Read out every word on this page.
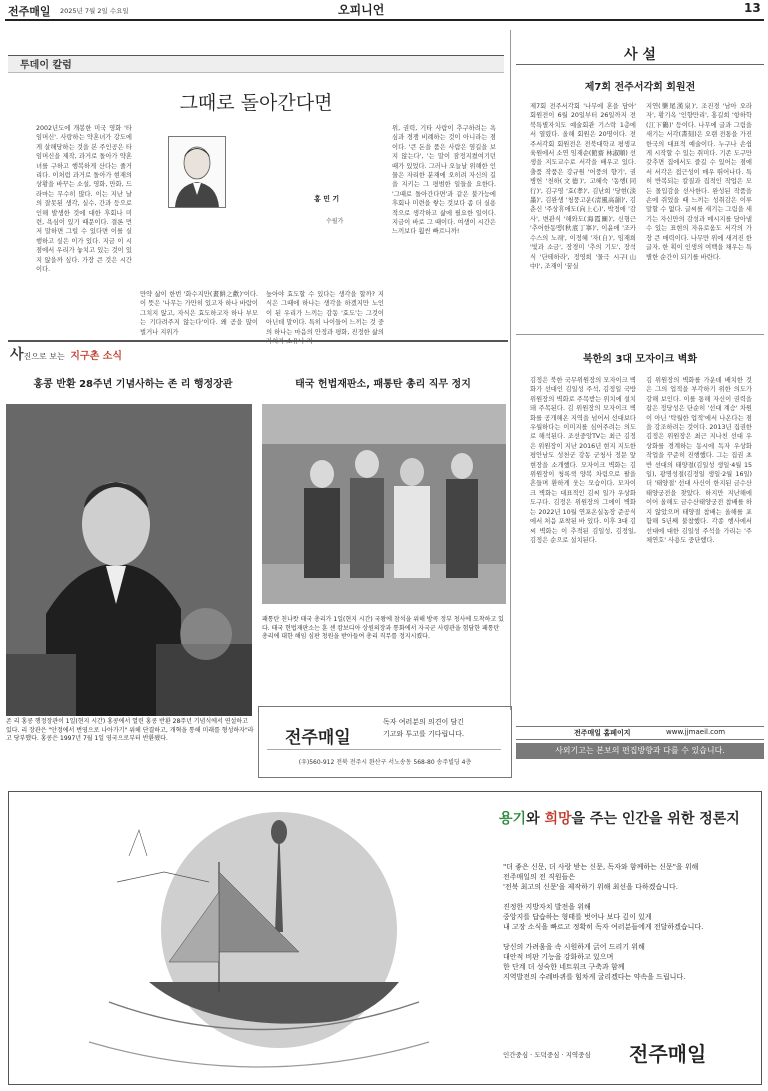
전주매일 2025년 7월 2일 수요일	오피니언	13
투데이 칼럼
그때로 돌아간다면
홍 민 기
수필가
2002년도에 개봉한 미국 영화 '타임머신'. 사랑하는 약혼녀가 강도에게 살해당하는 것을 본 주인공은 타임머신을 제작, 과거로 돌아가 약혼녀를 구하고 행복하게 산다는 줄거리다. 이처럼 과거로 돌아가 현재의 상황을 바꾸는 소설, 영화, 만화, 드라마는 무수히 많다. 이는 지난 날의 잘못된 생각, 실수, 간과 등으로 인해 발생한 것에 대한 후회나 미련, 욕심이 있기 때문이다. 결론 먼저 말하면 그럴 수 있다면 이를 실행하고 싶은 이가 있다. 지금 이 시점에서 우리가 놓치고 있는 것이 있지 않을까 싶다. 가장 큰 것은 시간이다.
만약 삶이 한번 '화수지만(畫餠之歡)'이다. 이 뜻은 '나무는 가만히 있고자 하나 바람이 그치지 않고, 자식은 효도하고자 하나 부모는 기다려주지 않는다'이다. 왜 곧을 많이 벌거나 지위가
높아야 효도할 수 있다는 생각을 할까? 지식은 그때에 하나는 생각을 하겠지만 노인이 된 우리가 느끼는 감동 '효도'는 그것이 아닌데 말이다. 특히 나이들어 느끼는 것 중의 하나는 마음의 안정과 평화, 진정한 삶의 가치가 소유나 지
위, 권력, 기타 사람이 추구하려는 욕심과 경쟁 비례하는 것이 아니라는 점이다. '큰 돈을 품은 사람은 염길을 보지 않는다', '는 말이 잠정지켰여기던 때가 있었다. 그러나 오늘날 위해한 인물은 자리한 분재에 오히려 자신의 길을 지키는 그 평범한 일들을 요한다. '그때로 돌아간다면'과 같은 불가능에 후회나 미련을 쌓는 것보다 좀 더 실용적으로 생각하고 삶에 필요한 일이다. 지금이 바로 그 때이다. 여생이 시간은 느끼보다 훨씬 빠르니까!
사진으로 보는 지구촌 소식
홍콩 반환 28주년 기념사하는 존 리 행정장관
존 리 홍콩 행정장관이 1일(현지 시간) 홍콩에서 열린 홍콩 반환 28주년 기념식에서 연설하고 있다. 리 장관은 "안정에서 번영으로 나아가기" 위해 단결하고, 개혁을 통해 미래를 형성하자"라고 당부했다. 홍콩은 1997년 7월 1일 영국으로부터 반환됐다.
태국 헌법재판소, 패통탄 총리 직무 정지
패통탄 친나왓 태국 총리가 1일(현지 시간) 국왕에 참석을 위해 방콕 정부 청사에 도착하고 있다. 태국 헌법재판소는 훈 센 캄보디아 상원의장과 통화에서 자국군 사령관을 험담한 패통탄 총리에 대한 해임 심판 청원을 받아들여 총리 직무를 정지시켰다.
전주매일
독자 여러분의 의견이 담긴
기고와 투고를 기다립니다.
(우)560-912 전북 전주시 완산구 서노송동 568-80 송주빌딩 4층
사 설
제7회 전주서각회 회원전
제7회 전주서각회 '나무에 혼을 담아' 회원전이 6월 20일부터 26일까지 전북특별자치도 예술회관 기스락 1층에서 열렸다. 올해 회원은 20명이다. 전주서각회 회원전은 전북대학교 평생교육원에서 소연 임재순(館齋 林淑順) 선생을 지도교수로 서각을 배우고 있다. 출품 작품은 강규원 '어풍의 향기', 권병헌 '천하(文德)', 고혜숙 '동행(同行)', 김구영 '효(孝)', 김난희 '당현(淡墨)', 김완생 '청풍고운(淸風高韻)', 김춘신 '주상휴애도(向上心)', 박정애 '감사', 변관식 '해와도(海霞圖)', 신형근 '추어한동맹(秋底丁寧)', 이윤애 '조카수스의 노래', 이정혜 '자(自)', 임재희 '빛과 소금', 장경미 '추의 기도', 장석식 '단테하라', 정영희 '물극 시구(山中)', 조재이 '꿈실
지연(樂尾漢泉)', 조진경 '남아 오라자', 황기옥 '인향만리', 홍길희 '항하학(江下鶴)' 등이다. 나무에 글과 그림을 새기는 서각(書刻)은 오랜 전통을 가진 한국의 대표적 예술이다. 누구나 손쉽게 시작할 수 있는 취미다. 기존 도구만 갖추면 집에서도 즐길 수 있어는 점에서 서각은 접근성이 매우 뛰어나다. 특히 반복되는 칼질과 집적인 작업은 모든 몰입감을 선사한다. 완성된 작품을 손에 쥐었을 때 느끼는 성취감은 이루 말할 수 없다. 글씨를 새기는 그림을 새기는 자신만의 감성과 메시지를 담아낼 수 있는 표현의 자유로움도 서각의 가장 큰 매력이다. 나무만 위에 새겨진 한 글자, 한 획이 인생의 여백을 채우는 특별한 순간이 되기를 바란다.
북한의 3대 모자이크 벽화
김정은 북한 국무위원장의 모자이크 벽화가 선대인 김일성 주석, 김정일 국방위원장의 벽화로 주목받는 위치에 설치돼 주목된다. 김 위원장의 모자이크 벽화를 공개해온 지역을 넘어서 선대보다 우월하다는 이미지를 심어주려는 의도로 해석된다. 조선중앙TV는 최근 김정은 위원장이 지난 2016년 현지 지도한 평안남도 성천군 강동 군청사 정문 앞 현장을 소개했다. 모자이크 벽화는 김 위원장이 청록색 양복 차림으로 팔을 흔들며 환하게 웃는 모습이다. 모자이크 벽화는 대표적인 김씨 일가 우상화 도구다. 김정은 위원장의 그에이 벽화는 2022년 10월 연포온실농장 준공식에서 처음 포착된 바 있다. 이후 3대 김씨 벽화는 이 추적된 김일성, 김정일, 김정은 순으로 설치된다.
김 위원장의 벽화를 가운데 배치한 것은 그의 업적을 부각하기 위한 의도가 강해 보인다. 이를 통해 자신이 권력을 잡은 정당성은 단순히 '선대 계승' 차원이 아닌 '탁월한 업적'에서 나온다는 점을 강조하려는 것이다. 2013년 집권한 김정은 위원장은 최근 지나친 선대 우상화를 경계하는 동시에 독자 우상화 작업을 꾸준히 진행했다. 그는 집권 초반 선대의 태양절(김일성 생일·4월 15일), 광명성절(김정일 생일·2월 16일) 더 '태양절' 선대 사신이 한지된 금수산태양궁전을 찾았다. 하지만 지난해에 이어 올해도 금수산태양궁전 참배를 하지 않았으며 태양절 참배는 올해를 포함해 5년째 불참했다. 각종 행사에서 선대에 대한 김일성 주석을 가리는 '주체연호' 사용도 중단했다.
전주매일 홈페이지	www.jjmaeil.com
사외기고는 본보의 편집방향과 다를 수 있습니다.
용기와 희망을 주는 인간을 위한 정론지
"더 좋은 신문, 더 사랑 받는 신문, 독자와 함께하는 신문"을 위해
전주매일의 전 직원들은
'전북 최고의 신문'을 제작하기 위해 최선을 다하겠습니다.
진정한 지방자치 발전을 위해
중앙지를 답습하는 형태를 벗어나 보다 깊이 있게
내 고장 소식을 빠르고 정확히 독자 여러분들에게 전달하겠습니다.
당신의 가려움을 속 시원하게 긁어 드리기 위해
대안적 비판 기능을 강화하고 있으며
한 단계 더 성숙한 네트워크 구축과 함께
지역발전의 수레바퀴를 힘차게 굴리겠다는 약속을 드립니다.
인간중심 · 도덕중심 · 지역중심 전주매일
